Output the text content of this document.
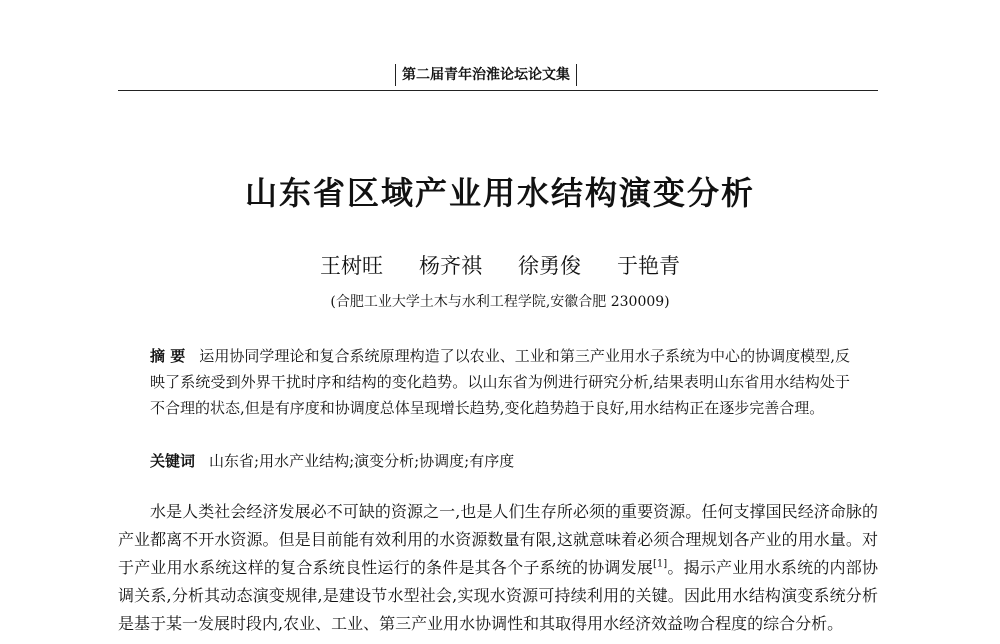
第二届青年治淮论坛论文集
山东省区域产业用水结构演变分析
王树旺 杨齐祺 徐勇俊 于艳青
(合肥工业大学土木与水利工程学院,安徽合肥 230009)
摘 要 运用协同学理论和复合系统原理构造了以农业、工业和第三产业用水子系统为中心的协调度模型,反映了系统受到外界干扰时序和结构的变化趋势。以山东省为例进行研究分析,结果表明山东省用水结构处于不合理的状态,但是有序度和协调度总体呈现增长趋势,变化趋势趋于良好,用水结构正在逐步完善合理。
关键词 山东省;用水产业结构;演变分析;协调度;有序度
水是人类社会经济发展必不可缺的资源之一,也是人们生存所必须的重要资源。任何支撑国民经济命脉的产业都离不开水资源。但是目前能有效利用的水资源数量有限,这就意味着必须合理规划各产业的用水量。对于产业用水系统这样的复合系统良性运行的条件是其各个子系统的协调发展[1]。揭示产业用水系统的内部协调关系,分析其动态演变规律,是建设节水型社会,实现水资源可持续利用的关键。因此用水结构演变系统分析是基于某一发展时段内,农业、工业、第三产业用水协调性和其取得用水经济效益吻合程度的综合分析。
